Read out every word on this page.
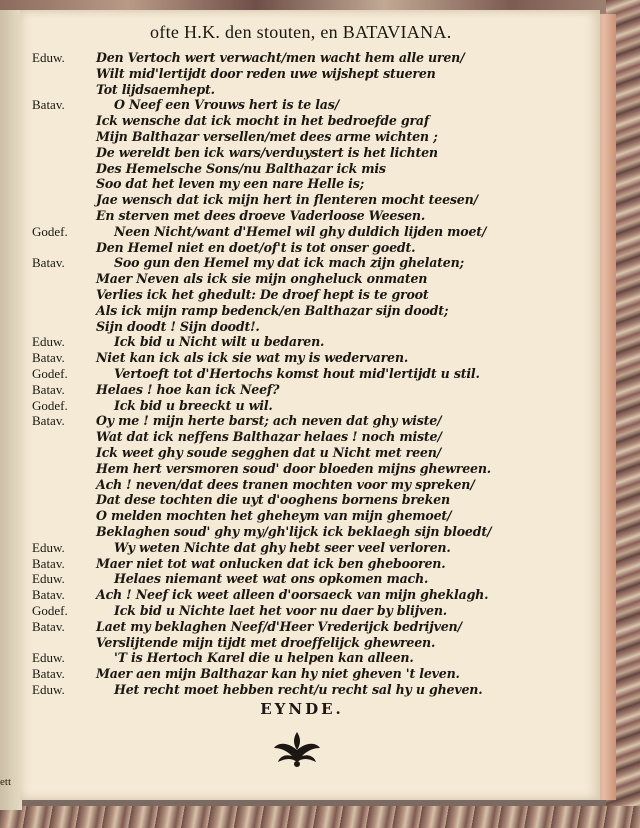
ofte H.K. den stouten, en BATAVIANA.
Eduw.	Den Vertoch wert verwacht/men wacht hem alle uren/
Wilt mid'lertijdt door reden uwe wijshept stueren
Tot lijdsaemhept.
Batav.	O Neef een Vrouws hert is te las/
Ick wensche dat ick mocht in het bedroefde graf
Mijn Balthazar versellen/met dees arme wichten ;
De wereldt ben ick wars/verduystert is het lichten
Des Hemelsche Sons/nu Balthazar ick mis
Soo dat het leven my een nare Helle is;
Jae wensch dat ick mijn hert in flenteren mocht teesen/
En sterven met dees droeve Vaderloose Weesen.
Godef.	Neen Nicht/want d'Hemel wil ghy duldich lijden moet/
Den Hemel niet en doet/of't is tot onser goedt.
Batav.	Soo gun den Hemel my dat ick mach zijn ghelaten;
Maer Neven als ick sie mijn ongheluck onmaten
Verlies ick het ghedult: De droef hept is te groot
Als ick mijn ramp bedenck/en Balthazar sijn doodt;
Sijn doodt ! Sijn doodt!.
Eduw.	Ick bid u Nicht wilt u bedaren.
Batav.	Niet kan ick als ick sie wat my is wedervaren.
Godef.	Vertoeft tot d'Hertochs komst hout mid'lertijdt u stil.
Batav.	Helaes ! hoe kan ick Neef?
Godef.	Ick bid u breeckt u wil.
Batav.	Oy me ! mijn herte barst; ach neven dat ghy wiste/
Wat dat ick neffens Balthazar helaes ! noch miste/
Ick weet ghy soude segghen dat u Nicht met reen/
Hem hert versmoren soud' door bloeden mijns ghewreen.
Ach ! neven/dat dees tranen mochten voor my spreken/
Dat dese tochten die uyt d'ooghens bornens breken
O melden mochten het gheheym van mijn ghemoet/
Beklaghen soud' ghy my/gh'lijck ick beklaegh sijn bloedt/
Eduw.	Wy weten Nichte dat ghy hebt seer veel verloren.
Batav.	Maer niet tot wat onlucken dat ick ben ghebooren.
Eduw.	Helaes niemant weet wat ons opkomen mach.
Batav.	Ach ! Neef ick weet alleen d'oorsaeck van mijn gheklagh.
Godef.	Ick bid u Nichte laet het voor nu daer by blijven.
Batav.	Laet my beklaghen Neef/d'Heer Vrederijck bedrijven/
Verslijtende mijn tijdt met droeffelijck ghewreen.
Eduw.	'T is Hertoch Karel die u helpen kan alleen.
Batav.	Maer aen mijn Balthazar kan hy niet gheven 't leven.
Eduw.	Het recht moet hebben recht/u recht sal hy u gheven.
EYNDE.
ett
